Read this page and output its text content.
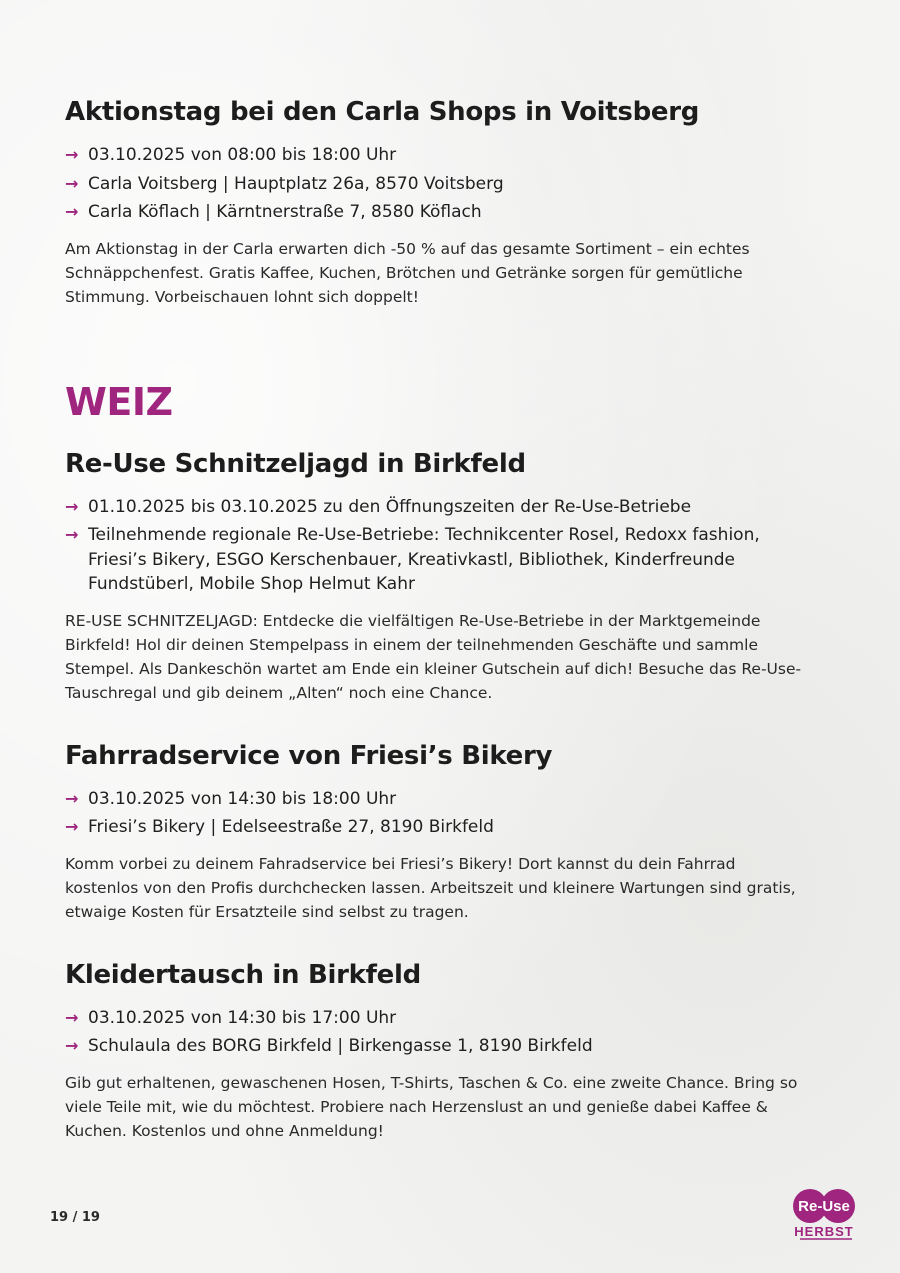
Aktionstag bei den Carla Shops in Voitsberg
→ 03.10.2025 von 08:00 bis 18:00 Uhr
→ Carla Voitsberg | Hauptplatz 26a, 8570 Voitsberg
→ Carla Köflach | Kärntnerstraße 7, 8580 Köflach

Am Aktionstag in der Carla erwarten dich -50 % auf das gesamte Sortiment – ein echtes Schnäppchenfest. Gratis Kaffee, Kuchen, Brötchen und Getränke sorgen für gemütliche Stimmung. Vorbeischauen lohnt sich doppelt!

WEIZ
Re-Use Schnitzeljagd in Birkfeld
→ 01.10.2025 bis 03.10.2025 zu den Öffnungszeiten der Re-Use-Betriebe
→ Teilnehmende regionale Re-Use-Betriebe: Technikcenter Rosel, Redoxx fashion, Friesi’s Bikery, ESGO Kerschenbauer, Kreativkastl, Bibliothek, Kinderfreunde Fundstüberl, Mobile Shop Helmut Kahr

RE-USE SCHNITZELJAGD: Entdecke die vielfältigen Re-Use-Betriebe in der Marktgemeinde Birkfeld! Hol dir deinen Stempelpass in einem der teilnehmenden Geschäfte und sammle Stempel. Als Dankeschön wartet am Ende ein kleiner Gutschein auf dich! Besuche das Re-Use-Tauschregal und gib deinem „Alten“ noch eine Chance.

Fahrradservice von Friesi’s Bikery
→ 03.10.2025 von 14:30 bis 18:00 Uhr
→ Friesi’s Bikery | Edelseestraße 27, 8190 Birkfeld

Komm vorbei zu deinem Fahradservice bei Friesi’s Bikery! Dort kannst du dein Fahrrad kostenlos von den Profis durchchecken lassen. Arbeitszeit und kleinere Wartungen sind gratis, etwaige Kosten für Ersatzteile sind selbst zu tragen.

Kleidertausch in Birkfeld
→ 03.10.2025 von 14:30 bis 17:00 Uhr
→ Schulaula des BORG Birkfeld | Birkengasse 1, 8190 Birkfeld

Gib gut erhaltenen, gewaschenen Hosen, T-Shirts, Taschen & Co. eine zweite Chance. Bring so viele Teile mit, wie du möchtest. Probiere nach Herzenslust an und genieße dabei Kaffee & Kuchen. Kostenlos und ohne Anmeldung!

19 / 19
Re-Use
HERBST
